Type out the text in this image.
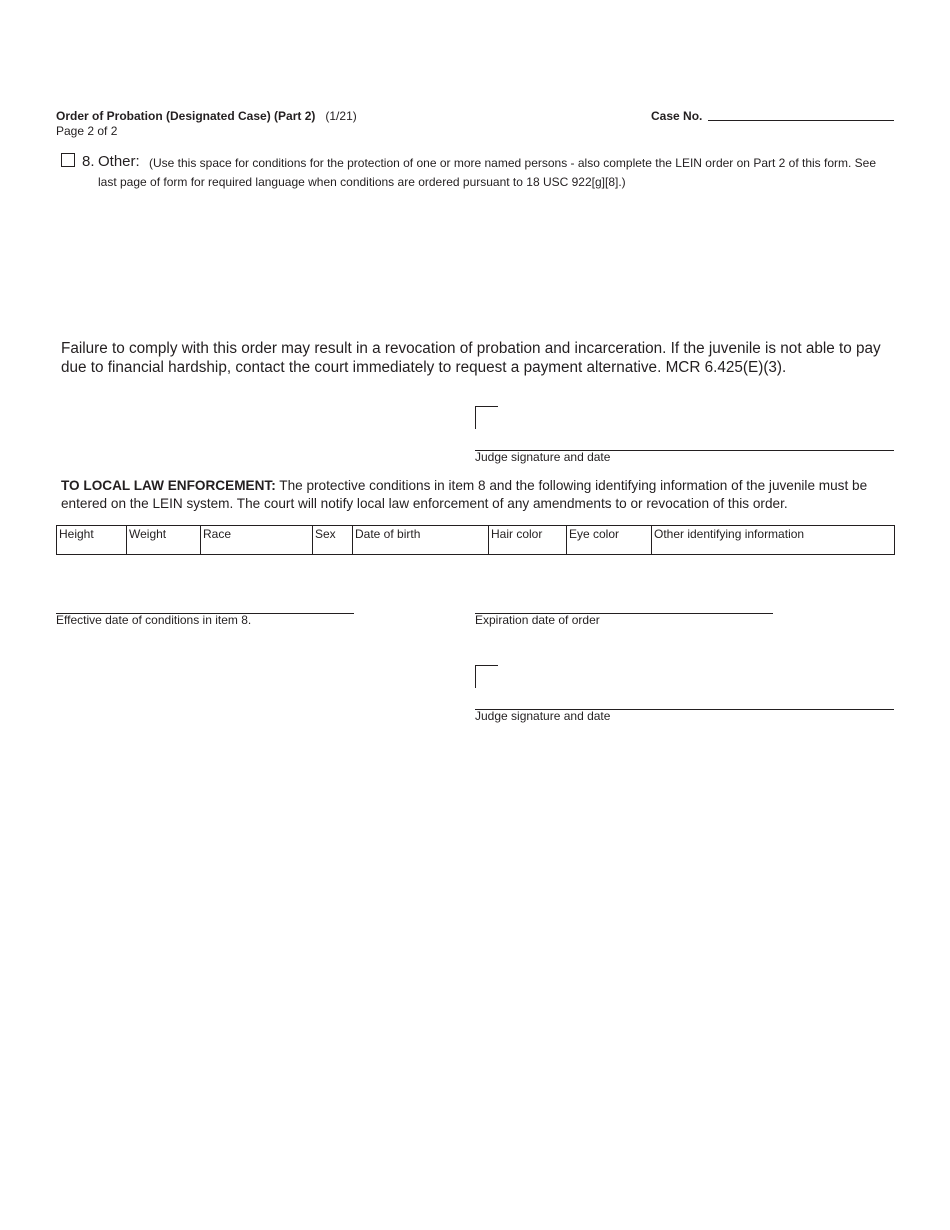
Order of Probation (Designated Case) (Part 2) (1/21)
Page 2 of 2
Case No.
8. Other: (Use this space for conditions for the protection of one or more named persons - also complete the LEIN order on Part 2 of this form. See
last page of form for required language when conditions are ordered pursuant to 18 USC 922[g][8].)
Failure to comply with this order may result in a revocation of probation and incarceration. If the juvenile is not able to pay due to financial hardship, contact the court immediately to request a payment alternative. MCR 6.425(E)(3).
Judge signature and date
TO LOCAL LAW ENFORCEMENT: The protective conditions in item 8 and the following identifying information of the juvenile must be entered on the LEIN system. The court will notify local law enforcement of any amendments to or revocation of this order.
Height	Weight	Race	Sex	Date of birth	Hair color	Eye color	Other identifying information
Effective date of conditions in item 8.	Expiration date of order
Judge signature and date
